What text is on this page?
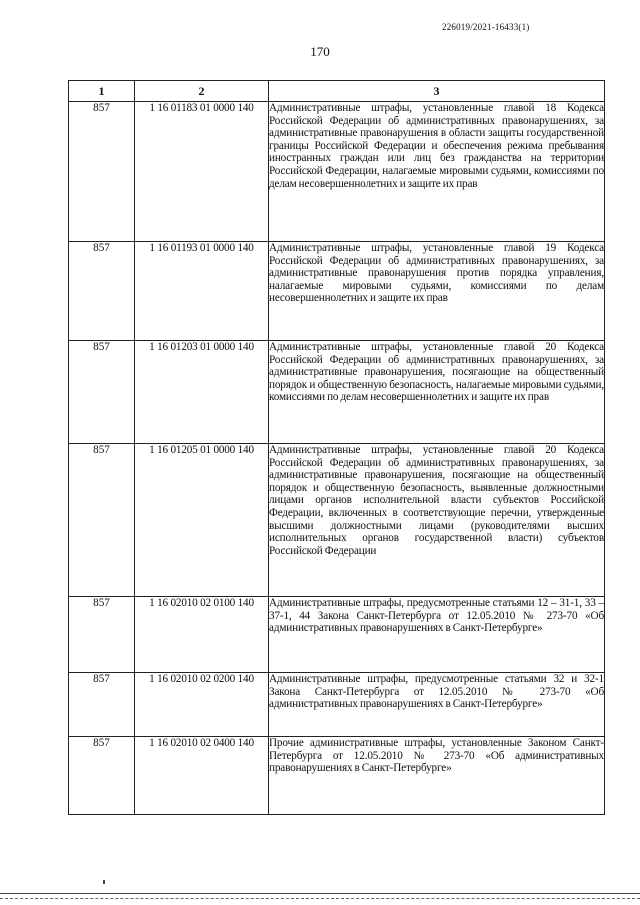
226019/2021-16433(1)
170
1	2	3
857	1 16 01183 01 0000 140	Административные штрафы, установленные главой 18 Кодекса Российской Федерации об административных правонарушениях, за административные правонарушения в области защиты государственной границы Российской Федерации и обеспечения режима пребывания иностранных граждан или лиц без гражданства на территории Российской Федерации, налагаемые мировыми судьями, комиссиями по делам несовершеннолетних и защите их прав
857	1 16 01193 01 0000 140	Административные штрафы, установленные главой 19 Кодекса Российской Федерации об административных правонарушениях, за административные правонарушения против порядка управления, налагаемые мировыми судьями, комиссиями по делам несовершеннолетних и защите их прав
857	1 16 01203 01 0000 140	Административные штрафы, установленные главой 20 Кодекса Российской Федерации об административных правонарушениях, за административные правонарушения, посягающие на общественный порядок и общественную безопасность, налагаемые мировыми судьями, комиссиями по делам несовершеннолетних и защите их прав
857	1 16 01205 01 0000 140	Административные штрафы, установленные главой 20 Кодекса Российской Федерации об административных правонарушениях, за административные правонарушения, посягающие на общественный порядок и общественную безопасность, выявленные должностными лицами органов исполнительной власти субъектов Российской Федерации, включенных в соответствующие перечни, утвержденные высшими должностными лицами (руководителями высших исполнительных органов государственной власти) субъектов Российской Федерации
857	1 16 02010 02 0100 140	Административные штрафы, предусмотренные статьями 12 – 31-1, 33 – 37-1, 44 Закона Санкт-Петербурга от 12.05.2010 № 273-70 «Об административных правонарушениях в Санкт-Петербурге»
857	1 16 02010 02 0200 140	Административные штрафы, предусмотренные статьями 32 и 32-1 Закона Санкт-Петербурга от 12.05.2010 № 273-70 «Об административных правонарушениях в Санкт-Петербурге»
857	1 16 02010 02 0400 140	Прочие административные штрафы, установленные Законом Санкт-Петербурга от 12.05.2010 № 273-70 «Об административных правонарушениях в Санкт-Петербурге»
